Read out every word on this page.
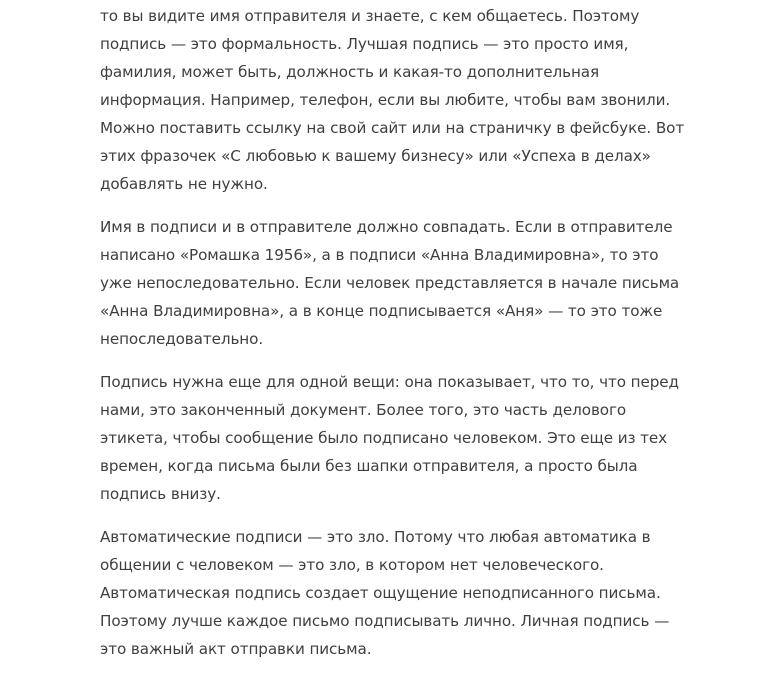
то вы видите имя отправителя и знаете, с кем общаетесь. Поэтому
подпись — это формальность. Лучшая подпись — это просто имя,
фамилия, может быть, должность и какая-то дополнительная
информация. Например, телефон, если вы любите, чтобы вам звонили.
Можно поставить ссылку на свой сайт или на страничку в фейсбуке. Вот
этих фразочек «С любовью к вашему бизнесу» или «Успеха в делах»
добавлять не нужно.

Имя в подписи и в отправителе должно совпадать. Если в отправителе
написано «Ромашка 1956», а в подписи «Анна Владимировна», то это
уже непоследовательно. Если человек представляется в начале письма
«Анна Владимировна», а в конце подписывается «Аня» — то это тоже
непоследовательно.

Подпись нужна еще для одной вещи: она показывает, что то, что перед
нами, это законченный документ. Более того, это часть делового
этикета, чтобы сообщение было подписано человеком. Это еще из тех
времен, когда письма были без шапки отправителя, а просто была
подпись внизу.

Автоматические подписи — это зло. Потому что любая автоматика в
общении с человеком — это зло, в котором нет человеческого.
Автоматическая подпись создает ощущение неподписанного письма.
Поэтому лучше каждое письмо подписывать лично. Личная подпись —
это важный акт отправки письма.
